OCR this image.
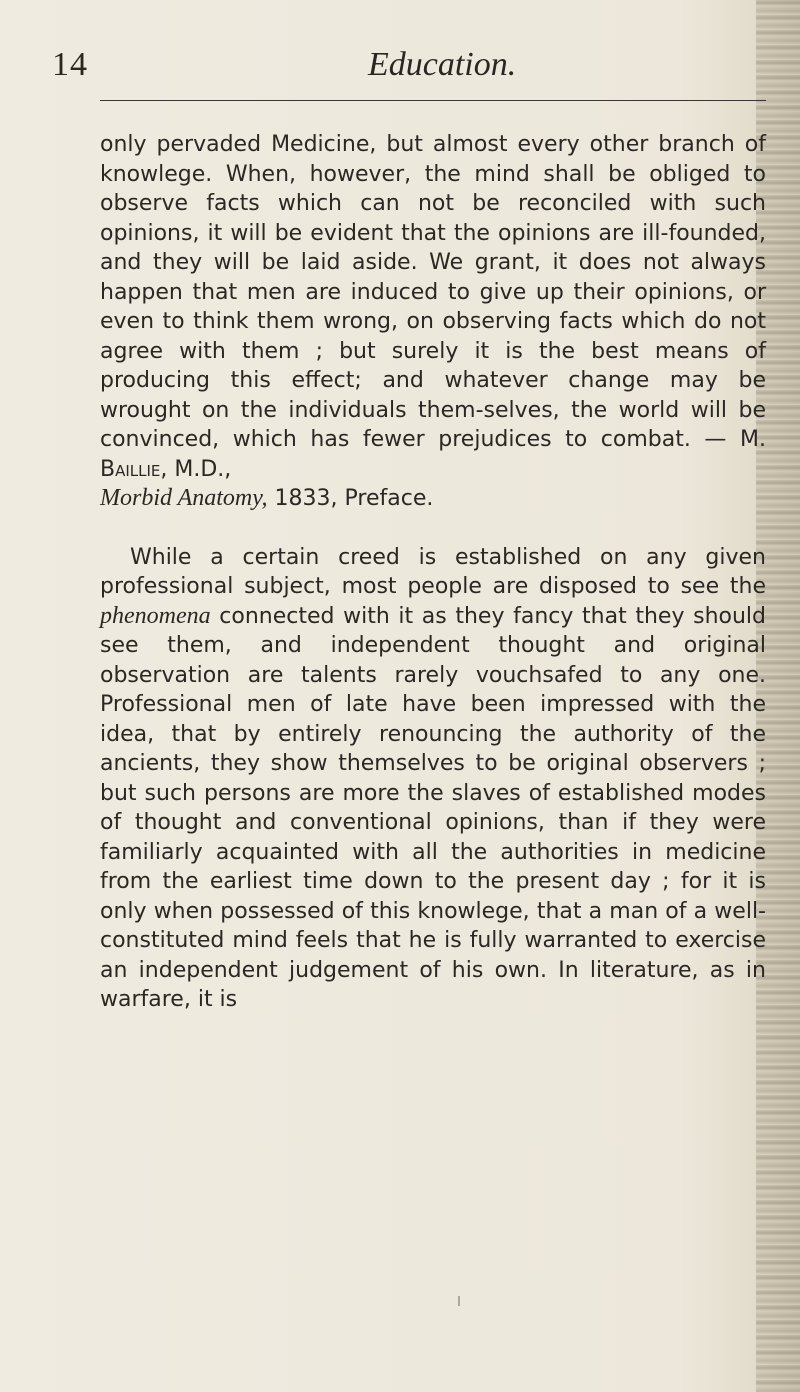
14	Education.

only pervaded Medicine, but almost every other branch of knowlege. When, however, the mind shall be obliged to observe facts which can not be reconciled with such opinions, it will be evident that the opinions are ill-founded, and they will be laid aside. We grant, it does not always happen that men are induced to give up their opinions, or even to think them wrong, on observing facts which do not agree with them ; but surely it is the best means of producing this effect; and whatever change may be wrought on the individuals them-selves, the world will be convinced, which has fewer prejudices to combat. — M. Baillie, M.D.,
Morbid Anatomy, 1833, Preface.

While a certain creed is established on any given professional subject, most people are disposed to see the phenomena connected with it as they fancy that they should see them, and independent thought and original observation are talents rarely vouchsafed to any one. Professional men of late have been impressed with the idea, that by entirely renouncing the authority of the ancients, they show themselves to be original observers ; but such persons are more the slaves of established modes of thought and conventional opinions, than if they were familiarly acquainted with all the authorities in medicine from the earliest time down to the present day ; for it is only when possessed of this knowlege, that a man of a well-constituted mind feels that he is fully warranted to exercise an independent judgement of his own. In literature, as in warfare, it is
